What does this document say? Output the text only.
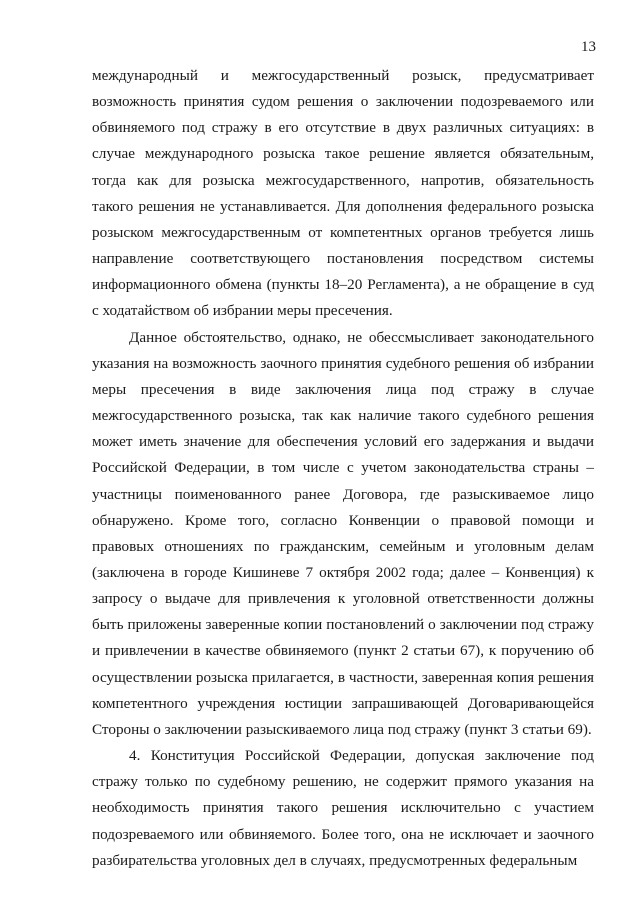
13

международный и межгосударственный розыск, предусматривает возможность принятия судом решения о заключении подозреваемого или обвиняемого под стражу в его отсутствие в двух различных ситуациях: в случае международного розыска такое решение является обязательным, тогда как для розыска межгосударственного, напротив, обязательность такого решения не устанавливается. Для дополнения федерального розыска розыском межгосударственным от компетентных органов требуется лишь направление соответствующего постановления посредством системы информационного обмена (пункты 18–20 Регламента), а не обращение в суд с ходатайством об избрании меры пресечения.

Данное обстоятельство, однако, не обессмысливает законодательного указания на возможность заочного принятия судебного решения об избрании меры пресечения в виде заключения лица под стражу в случае межгосударственного розыска, так как наличие такого судебного решения может иметь значение для обеспечения условий его задержания и выдачи Российской Федерации, в том числе с учетом законодательства страны – участницы поименованного ранее Договора, где разыскиваемое лицо обнаружено. Кроме того, согласно Конвенции о правовой помощи и правовых отношениях по гражданским, семейным и уголовным делам (заключена в городе Кишиневе 7 октября 2002 года; далее – Конвенция) к запросу о выдаче для привлечения к уголовной ответственности должны быть приложены заверенные копии постановлений о заключении под стражу и привлечении в качестве обвиняемого (пункт 2 статьи 67), к поручению об осуществлении розыска прилагается, в частности, заверенная копия решения компетентного учреждения юстиции запрашивающей Договаривающейся Стороны о заключении разыскиваемого лица под стражу (пункт 3 статьи 69).

4. Конституция Российской Федерации, допуская заключение под стражу только по судебному решению, не содержит прямого указания на необходимость принятия такого решения исключительно с участием подозреваемого или обвиняемого. Более того, она не исключает и заочного разбирательства уголовных дел в случаях, предусмотренных федеральным
